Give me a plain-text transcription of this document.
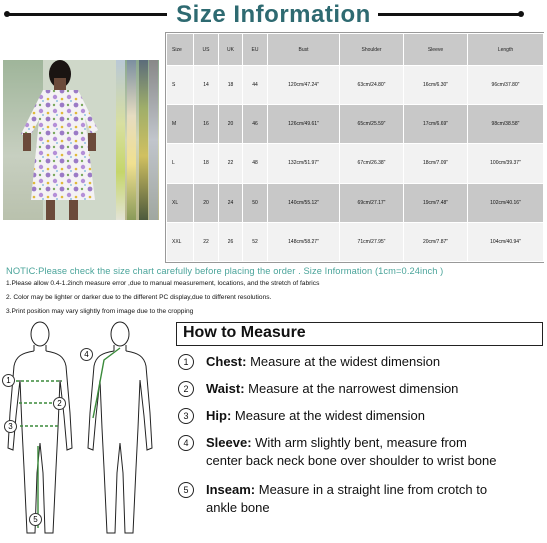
Size Information
Size	US	UK	EU	Bust	Shoulder	Sleeve	Length
S	14	18	44	120cm/47.24"	63cm/24.80"	16cm/6.30"	96cm/37.80"
M	16	20	46	126cm/49.61"	65cm/25.59"	17cm/6.69"	98cm/38.58"
L	18	22	48	132cm/51.97"	67cm/26.38"	18cm/7.09"	100cm/39.37"
XL	20	24	50	140cm/55.12"	69cm/27.17"	19cm/7.48"	102cm/40.16"
XXL	22	26	52	148cm/58.27"	71cm/27.95"	20cm/7.87"	104cm/40.94"
NOTIC:Please check the size chart carefully before placing the order . Size Information (1cm=0.24inch )
1.Please allow 0.4-1.2inch measure error ,due to manual measurement, locations, and the stretch of fabrics
2. Color may be lighter or darker due to the different PC display,due to different resolutions.
3.Print position may vary slightly from image due to the cropping
1
2
3
4
5
How to Measure
1 Chest: Measure at the widest dimension
2 Waist: Measure at the narrowest dimension
3 Hip: Measure at the widest dimension
4 Sleeve: With arm slightly bent, measure from
center back neck bone over shoulder to wrist bone
5 Inseam: Measure in a straight line from crotch to
ankle bone
